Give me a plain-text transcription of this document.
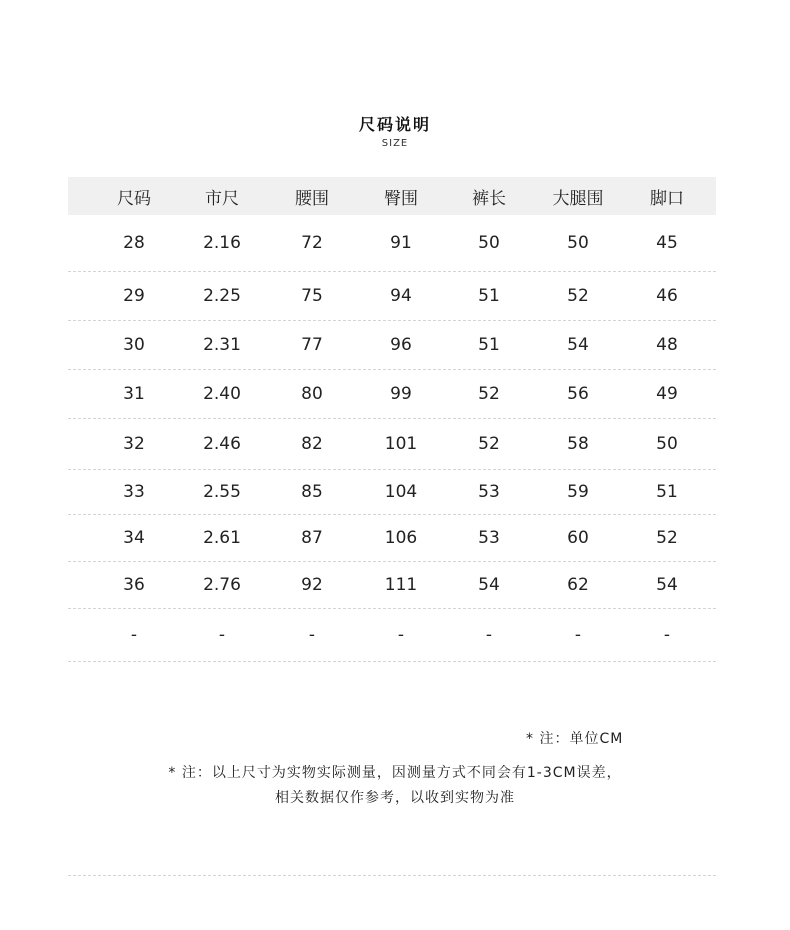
尺码说明
SIZE
尺码	市尺	腰围	臀围	裤长	大腿围	脚口
28	2.16	72	91	50	50	45
29	2.25	75	94	51	52	46
30	2.31	77	96	51	54	48
31	2.40	80	99	52	56	49
32	2.46	82	101	52	58	50
33	2.55	85	104	53	59	51
34	2.61	87	106	53	60	52
36	2.76	92	111	54	62	54
-	-	-	-	-	-	-
* 注：单位CM
* 注：以上尺寸为实物实际测量，因测量方式不同会有1-3CM误差，
相关数据仅作参考，以收到实物为准
